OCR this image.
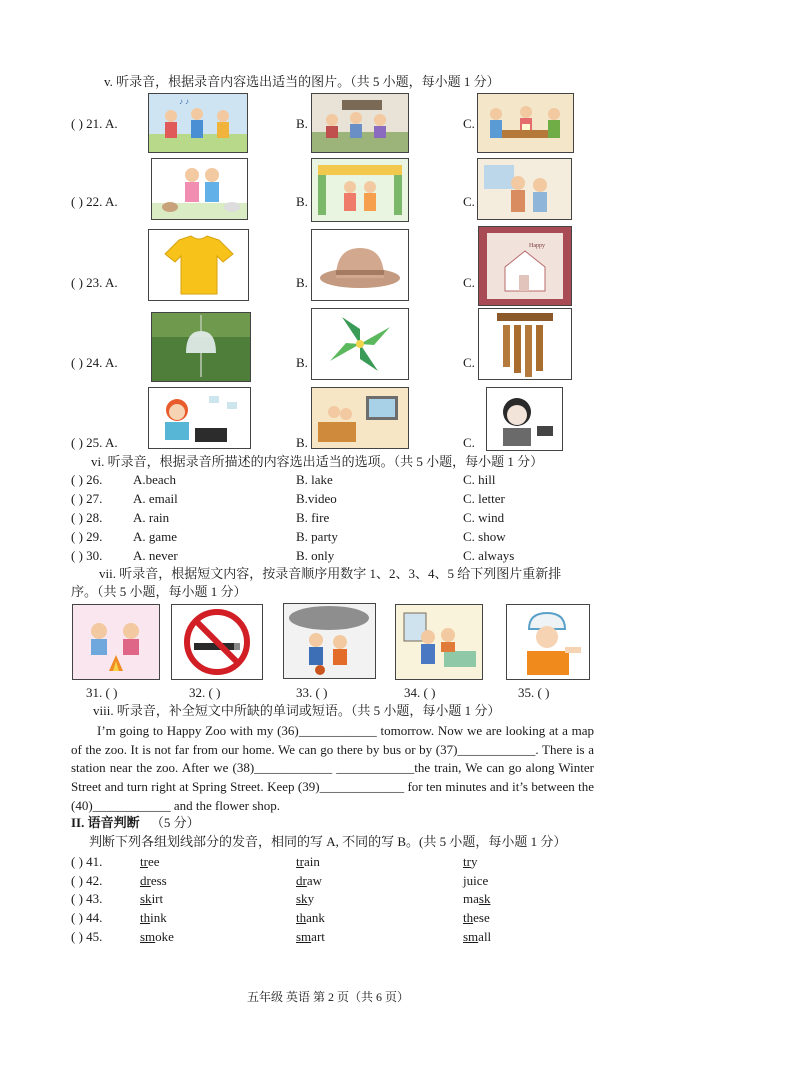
v. 听录音，根据录音内容选出适当的图片。（共 5 小题，每小题 1 分）
( ) 21. A.	B.	C.
♪ ♪
( ) 22. A.	B.	C.
( ) 23. A.	B.	C.
Happy
( ) 24. A.	B.	C.
( ) 25. A.	B.	C.
vi. 听录音，根据录音所描述的内容选出适当的选项。（共 5 小题，每小题 1 分）
( ) 26. A.beach	B. lake	C. hill
( ) 27. A. email	B.video	C. letter
( ) 28. A. rain	B. fire	C. wind
( ) 29. A. game	B. party	C. show
( ) 30. A. never	B. only	C. always
vii. 听录音，根据短文内容，按录音顺序用数字 1、2、3、4、5 给下列图片重新排
序。（共 5 小题，每小题 1 分）
31. ( )	32. ( )	33. ( )	34. ( )	35. ( )
viii. 听录音，补全短文中所缺的单词或短语。（共 5 小题，每小题 1 分）
I’m going to Happy Zoo with my (36)____________ tomorrow. Now we are looking at a map of the zoo. It is not far from our home. We can go there by bus or by (37)____________. There is a station near the zoo. After we (38)____________ ____________the train, We can go along Winter Street and turn right at Spring Street. Keep (39)_____________ for ten minutes and it’s between the (40)____________ and the flower shop.
II. 语音判断 （5 分）
判断下列各组划线部分的发音，相同的写 A, 不同的写 B。(共 5 小题，每小题 1 分）
( ) 41.	tree	train	try
( ) 42.	dress	draw	juice
( ) 43.	skirt	sky	mask
( ) 44.	think	thank	these
( ) 45.	smoke	smart	small
五年级 英语 第 2 页（共 6 页）
